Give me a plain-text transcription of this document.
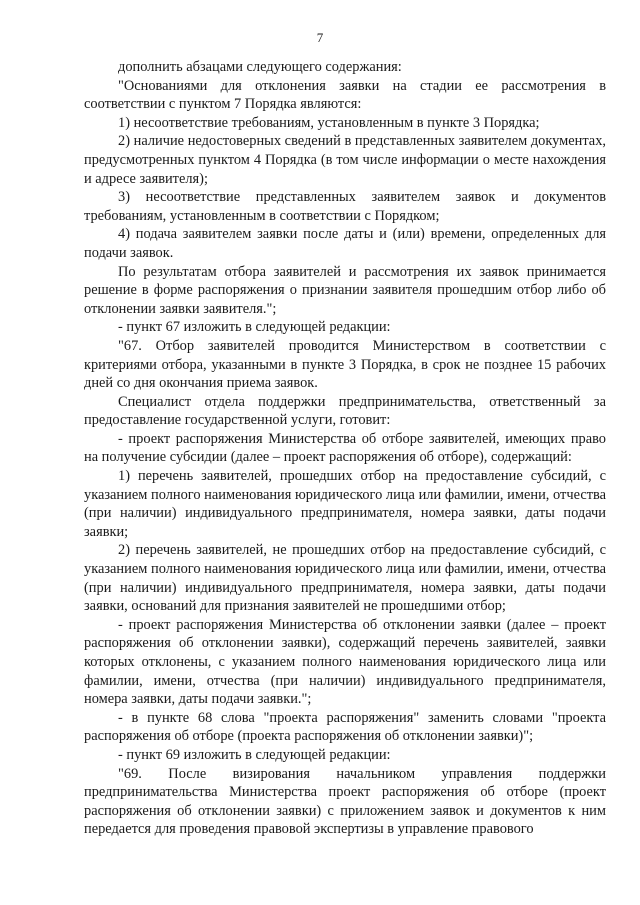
7

дополнить абзацами следующего содержания:

"Основаниями для отклонения заявки на стадии ее рассмотрения в соответствии с пунктом 7 Порядка являются:

1) несоответствие требованиям, установленным в пункте 3 Порядка;

2) наличие недостоверных сведений в представленных заявителем документах, предусмотренных пунктом 4 Порядка (в том числе информации о месте нахождения и адресе заявителя);

3) несоответствие представленных заявителем заявок и документов требованиям, установленным в соответствии с Порядком;

4) подача заявителем заявки после даты и (или) времени, определенных для подачи заявок.

По результатам отбора заявителей и рассмотрения их заявок принимается решение в форме распоряжения о признании заявителя прошедшим отбор либо об отклонении заявки заявителя.";

- пункт 67 изложить в следующей редакции:

"67. Отбор заявителей проводится Министерством в соответствии с критериями отбора, указанными в пункте 3 Порядка, в срок не позднее 15 рабочих дней со дня окончания приема заявок.

Специалист отдела поддержки предпринимательства, ответственный за предоставление государственной услуги, готовит:

- проект распоряжения Министерства об отборе заявителей, имеющих право на получение субсидии (далее – проект распоряжения об отборе), содержащий:

1) перечень заявителей, прошедших отбор на предоставление субсидий, с указанием полного наименования юридического лица или фамилии, имени, отчества (при наличии) индивидуального предпринимателя, номера заявки, даты подачи заявки;

2) перечень заявителей, не прошедших отбор на предоставление субсидий, с указанием полного наименования юридического лица или фамилии, имени, отчества (при наличии) индивидуального предпринимателя, номера заявки, даты подачи заявки, оснований для признания заявителей не прошедшими отбор;

- проект распоряжения Министерства об отклонении заявки (далее – проект распоряжения об отклонении заявки), содержащий перечень заявителей, заявки которых отклонены, с указанием полного наименования юридического лица или фамилии, имени, отчества (при наличии) индивидуального предпринимателя, номера заявки, даты подачи заявки.";

- в пункте 68 слова "проекта распоряжения" заменить словами "проекта распоряжения об отборе (проекта распоряжения об отклонении заявки)";

- пункт 69 изложить в следующей редакции:

"69. После визирования начальником управления поддержки предпринимательства Министерства проект распоряжения об отборе (проект распоряжения об отклонении заявки) с приложением заявок и документов к ним передается для проведения правовой экспертизы в управление правового
